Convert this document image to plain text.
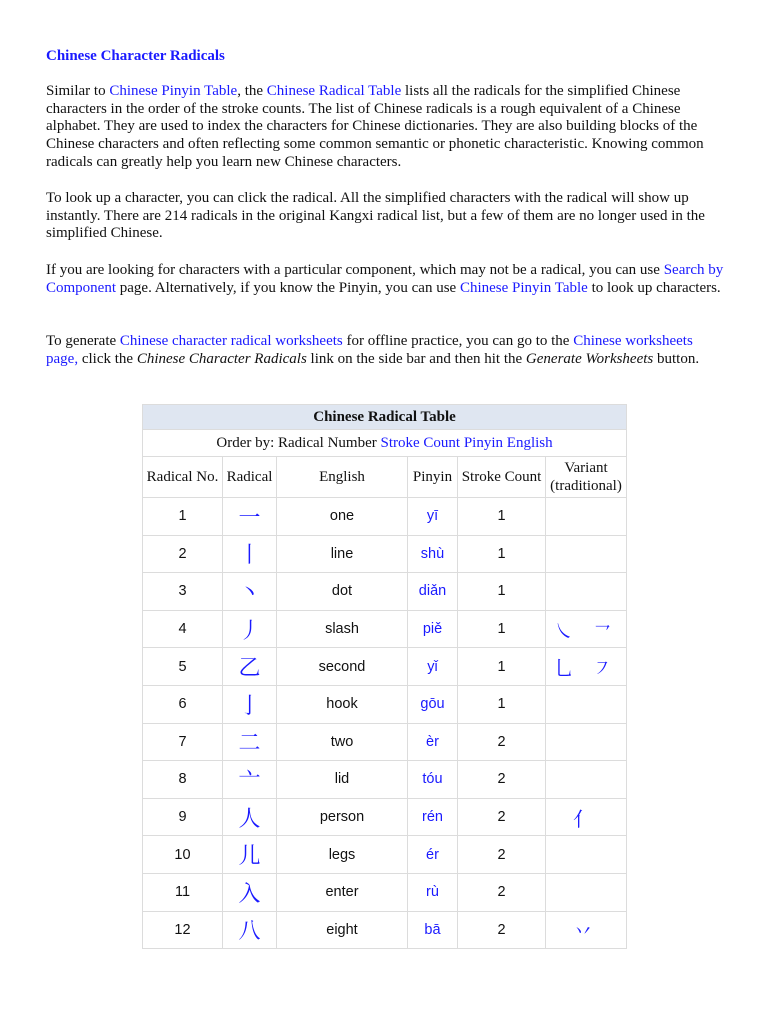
Chinese Character Radicals

Similar to Chinese Pinyin Table, the Chinese Radical Table lists all the radicals for the simplified Chinese characters in the order of the stroke counts. The list of Chinese radicals is a rough equivalent of a Chinese alphabet. They are used to index the characters for Chinese dictionaries. They are also building blocks of the Chinese characters and often reflecting some common semantic or phonetic characteristic. Knowing common radicals can greatly help you learn new Chinese characters.

To look up a character, you can click the radical. All the simplified characters with the radical will show up instantly. There are 214 radicals in the original Kangxi radical list, but a few of them are no longer used in the simplified Chinese.

If you are looking for characters with a particular component, which may not be a radical, you can use Search by Component page. Alternatively, if you know the Pinyin, you can use Chinese Pinyin Table to look up characters.

To generate Chinese character radical worksheets for offline practice, you can go to the Chinese worksheets page, click the Chinese Character Radicals link on the side bar and then hit the Generate Worksheets button.

Chinese Radical Table					
Order by: Radical Number Stroke Count Pinyin English					
Radical No.	Radical	English	Pinyin	Stroke Count	Variant (traditional)
1	一	one	yī	1	
2	丨	line	shù	1	
3	丶	dot	diǎn	1	
4	丿	slash	piě	1	㇏ ㇖
5	乙	second	yǐ	1	乚 ㇇
6	亅	hook	gōu	1	
7	二	two	èr	2	
8	亠	lid	tóu	2	
9	人	person	rén	2	亻
10	儿	legs	ér	2	
11	入	enter	rù	2	
12	八	eight	bā	2	丷
